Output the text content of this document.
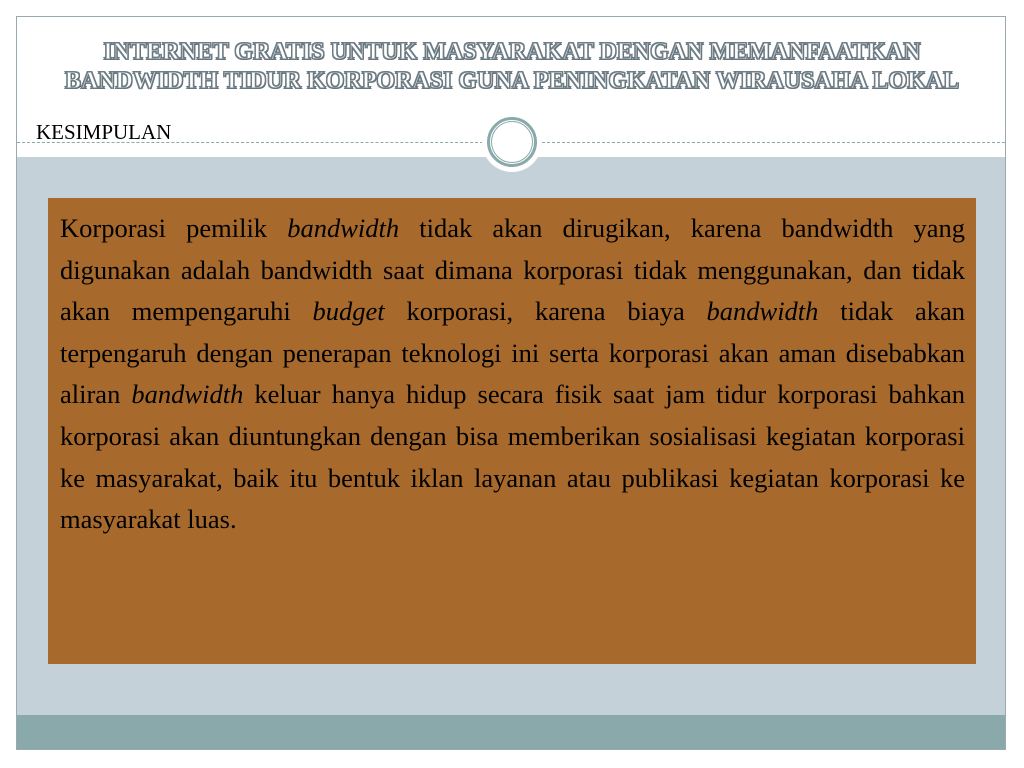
INTERNET GRATIS UNTUK MASYARAKAT DENGAN MEMANFAATKAN
BANDWIDTH TIDUR KORPORASI GUNA PENINGKATAN WIRAUSAHA LOKAL
KESIMPULAN

Korporasi pemilik bandwidth tidak akan dirugikan, karena bandwidth yang digunakan adalah bandwidth saat dimana korporasi tidak menggunakan, dan tidak akan mempengaruhi budget korporasi, karena biaya bandwidth tidak akan terpengaruh dengan penerapan teknologi ini serta korporasi akan aman disebabkan aliran bandwidth keluar hanya hidup secara fisik saat jam tidur korporasi bahkan korporasi akan diuntungkan dengan bisa memberikan sosialisasi kegiatan korporasi ke masyarakat, baik itu bentuk iklan layanan atau publikasi kegiatan korporasi ke masyarakat luas.
